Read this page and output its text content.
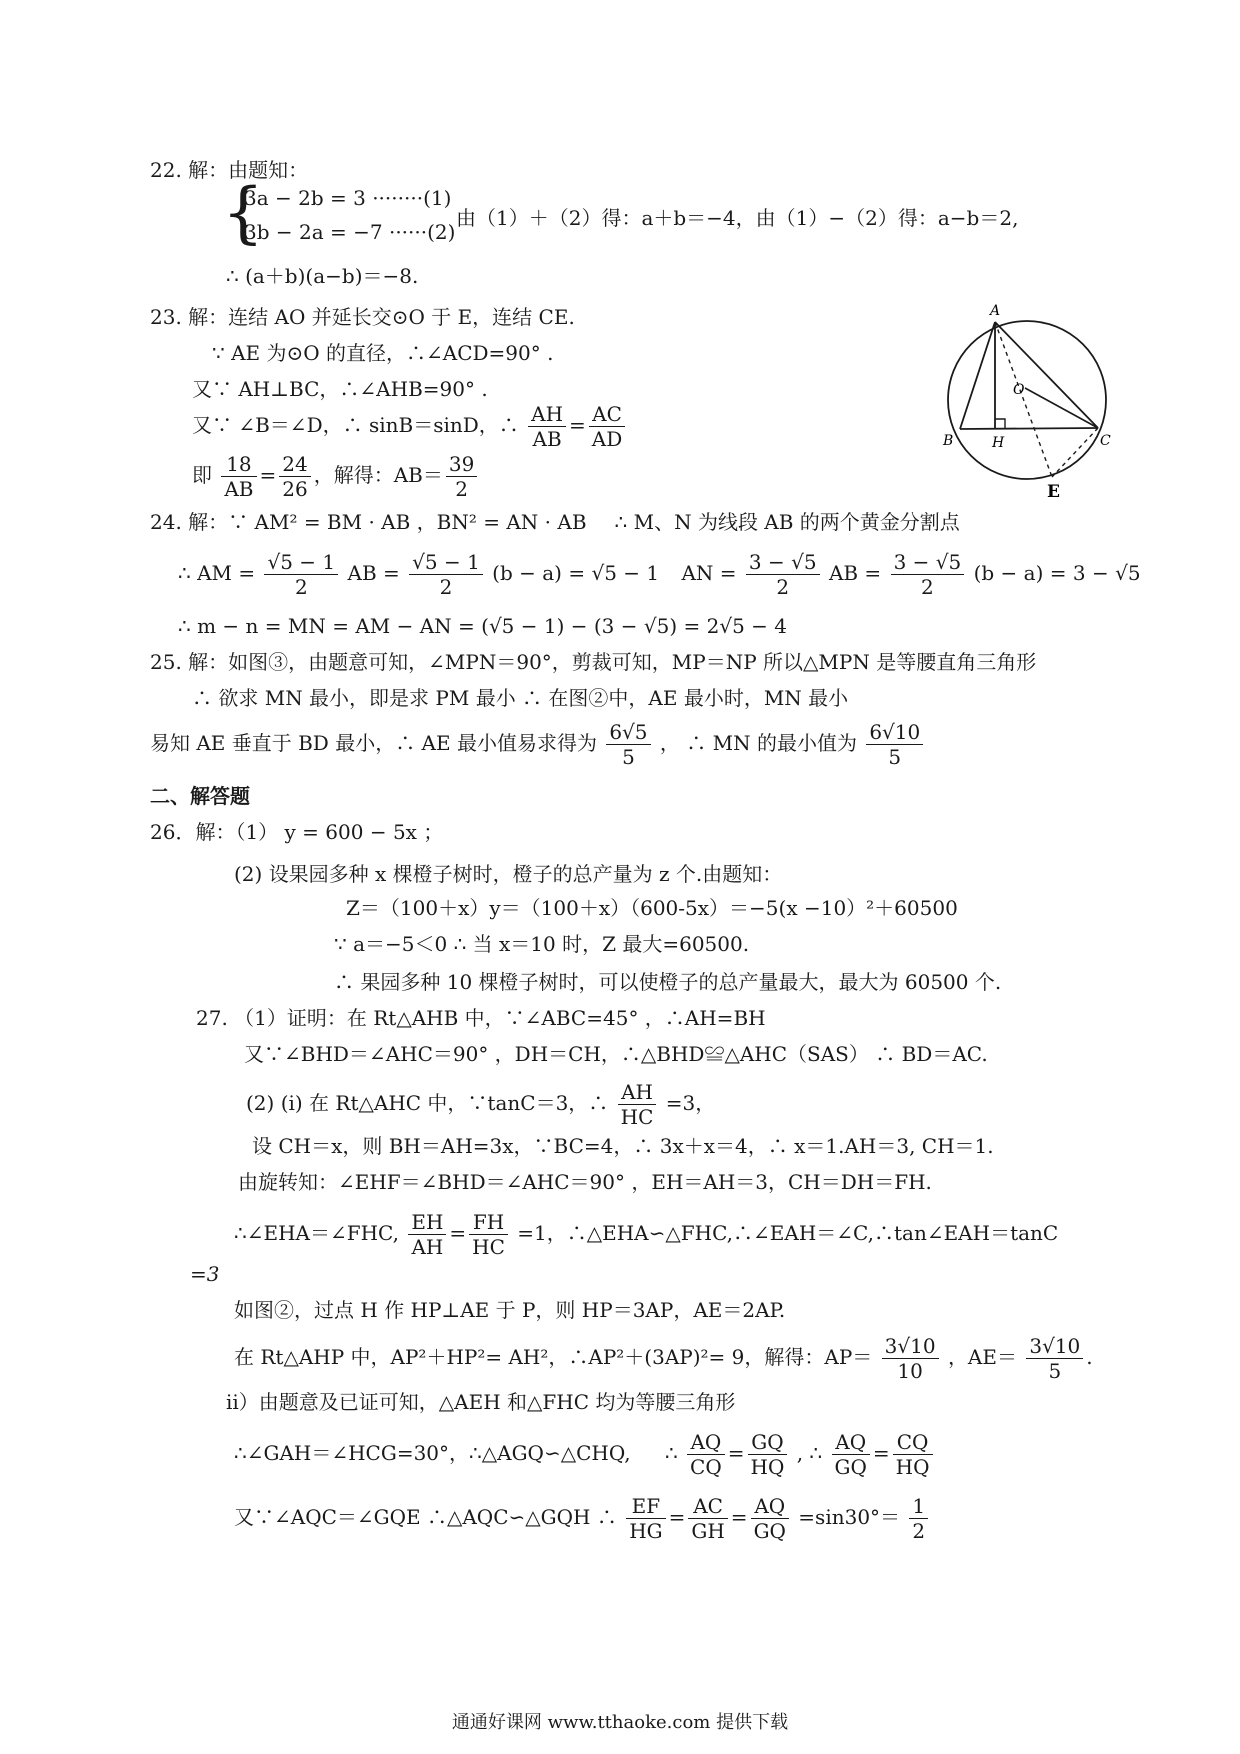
22. 解：由题知：
{
3a − 2b = 3 ········(1)
3b − 2a = −7 ······(2)
由（1）＋（2）得：a＋b＝−4，由（1）−（2）得：a−b＝2,
∴ (a＋b)(a−b)＝−8.
23. 解：连结 AO 并延长交⊙O 于 E，连结 CE.
∵ AE 为⊙O 的直径，∴∠ACD=90° .
又∵ AH⊥BC，∴∠AHB=90° .
又∵ ∠B＝∠D，∴ sinB＝sinD，∴ $\frac{AH}{AB} = \frac{AC}{AD}$
即 $\frac{18}{AB} = \frac{24}{26}$ ，解得：$AB= \frac{39}{2}$
A
B	H	C
O
E
24. 解：∵ AM² = BM · AB ，BN² = AN · AB ∴ M、N 为线段 AB 的两个黄金分割点
∴ AM = $\frac{√5 - 1}{2}$ AB = $\frac{√5 - 1}{2} (b - a) = √5 - 1$ AN = $\frac{3 - √5}{2}$ AB = $\frac{3 - √5}{2} (b - a) = 3 - √5$
∴ m − n = MN = AM − AN = (√5 − 1) − (3 − √5) = 2√5 − 4
25. 解：如图③，由题意可知，∠MPN＝90°，剪裁可知，MP＝NP 所以△MPN 是等腰直角三角形
∴ 欲求 MN 最小，即是求 PM 最小 ∴ 在图②中，AE 最小时，MN 最小
易知 AE 垂直于 BD 最小，∴ AE 最小值易求得为 $\frac{6√5}{5}$ ， ∴ MN 的最小值为 $\frac{6√10}{5}$
二、解答题
26．解：（1） y = 600 − 5x ；
(2) 设果园多种 x 棵橙子树时，橙子的总产量为 z 个.由题知：
Z＝（100＋x）y＝（100＋x）（600-5x）＝−5(x −10）²＋60500
∵ a＝−5＜0 ∴ 当 x＝10 时，Z 最大=60500.
∴ 果园多种 10 棵橙子树时，可以使橙子的总产量最大，最大为 60500 个.
27. （1）证明：在 Rt△AHB 中，∵∠ABC=45° ，∴AH=BH
又∵∠BHD＝∠AHC＝90° ，DH＝CH，∴△BHD≌△AHC（SAS） ∴ BD＝AC.
(2) (ⅰ) 在 Rt△AHC 中，∵tanC＝3，∴ $\frac{AH}{HC} =3$，
设 CH＝x，则 BH＝AH=3x，∵BC=4，∴ 3x＋x＝4，∴ x＝1.AH＝3, CH＝1.
由旋转知：∠EHF＝∠BHD＝∠AHC＝90° ，EH＝AH＝3，CH＝DH＝FH.
∴∠EHA＝∠FHC, $\frac{EH}{AH} = \frac{FH}{HC} =1$，∴△EHA∽△FHC,∴∠EAH＝∠C,∴tan∠EAH＝tanC
=3
如图②，过点 H 作 HP⊥AE 于 P，则 HP＝3AP，AE＝2AP.
在 Rt△AHP 中，AP²＋HP²= AH²，∴AP²＋(3AP)²= 9，解得：$AP= \frac{3√10}{10}$ ，$AE= \frac{3√10}{5}$ .
ⅱ）由题意及已证可知，△AEH 和△FHC 均为等腰三角形
∴∠GAH＝∠HCG=30°，∴△AGQ∽△CHQ, ∴ $\frac{AQ}{CQ} = \frac{GQ}{HQ}$ , ∴ $\frac{AQ}{GQ} = \frac{CQ}{HQ}$
又∵∠AQC＝∠GQE ∴△AQC∽△GQH ∴ $\frac{EF}{HG} = \frac{AC}{GH} = \frac{AQ}{GQ} =\sin 30^\circ= \frac{1}{2}$
通通好课网 www.tthaoke.com 提供下载
